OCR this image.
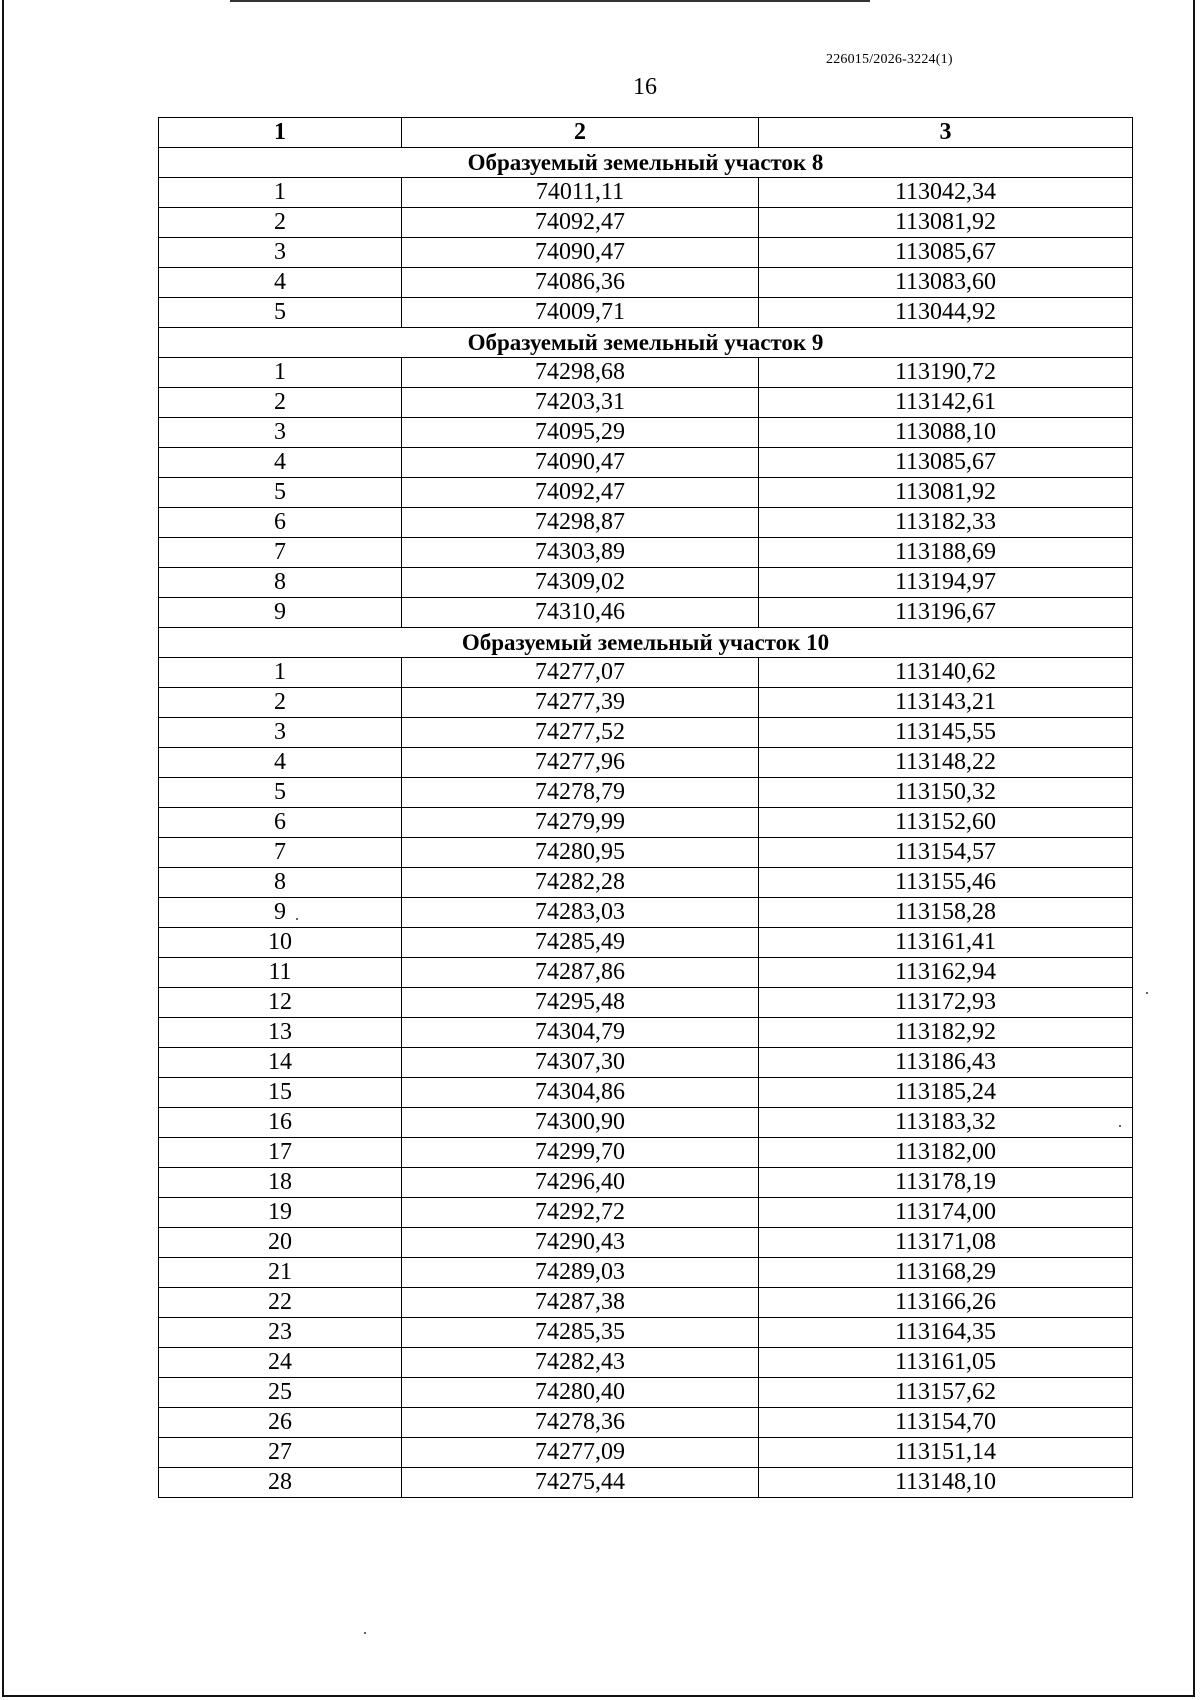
226015/2026-3224(1)
16
1	2	3
Образуемый земельный участок 8		
1	74011,11	113042,34
2	74092,47	113081,92
3	74090,47	113085,67
4	74086,36	113083,60
5	74009,71	113044,92
Образуемый земельный участок 9		
1	74298,68	113190,72
2	74203,31	113142,61
3	74095,29	113088,10
4	74090,47	113085,67
5	74092,47	113081,92
6	74298,87	113182,33
7	74303,89	113188,69
8	74309,02	113194,97
9	74310,46	113196,67
Образуемый земельный участок 10		
1	74277,07	113140,62
2	74277,39	113143,21
3	74277,52	113145,55
4	74277,96	113148,22
5	74278,79	113150,32
6	74279,99	113152,60
7	74280,95	113154,57
8	74282,28	113155,46
9	74283,03	113158,28
10	74285,49	113161,41
11	74287,86	113162,94
12	74295,48	113172,93
13	74304,79	113182,92
14	74307,30	113186,43
15	74304,86	113185,24
16	74300,90	113183,32
17	74299,70	113182,00
18	74296,40	113178,19
19	74292,72	113174,00
20	74290,43	113171,08
21	74289,03	113168,29
22	74287,38	113166,26
23	74285,35	113164,35
24	74282,43	113161,05
25	74280,40	113157,62
26	74278,36	113154,70
27	74277,09	113151,14
28	74275,44	113148,10
